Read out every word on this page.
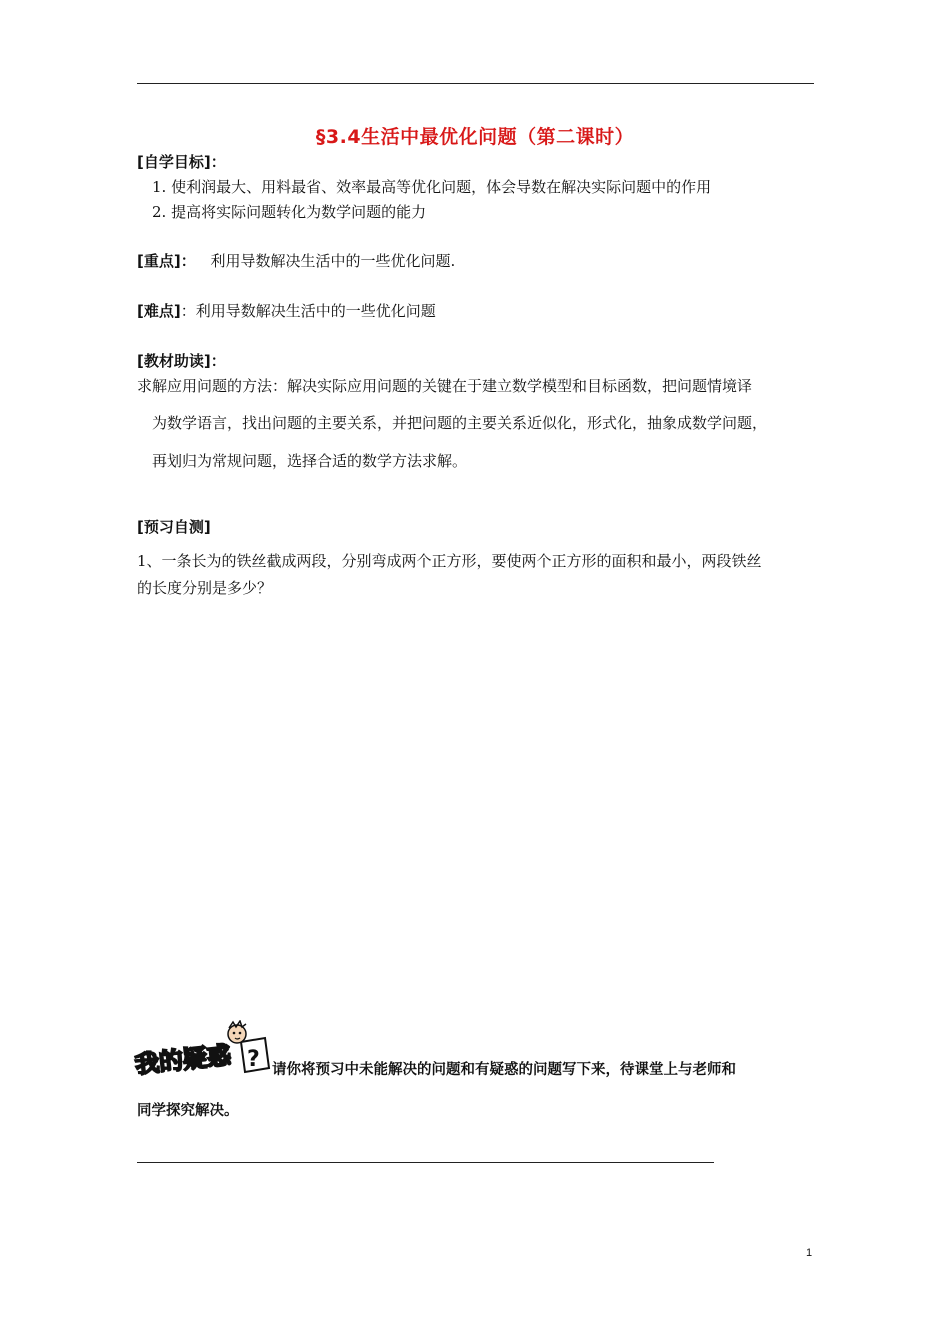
§3.4生活中最优化问题（第二课时）
[自学目标]：
1. 使利润最大、用料最省、效率最高等优化问题，体会导数在解决实际问题中的作用
2. 提高将实际问题转化为数学问题的能力
[重点]： 利用导数解决生活中的一些优化问题.
[难点]：利用导数解决生活中的一些优化问题
[教材助读]：
求解应用问题的方法：解决实际应用问题的关键在于建立数学模型和目标函数，把问题情境译
为数学语言，找出问题的主要关系，并把问题的主要关系近似化，形式化，抽象成数学问题，
再划归为常规问题，选择合适的数学方法求解。
[预习自测]
1、一条长为的铁丝截成两段，分别弯成两个正方形，要使两个正方形的面积和最小，两段铁丝
的长度分别是多少？
?
我的疑惑	请你将预习中未能解决的问题和有疑惑的问题写下来，待课堂上与老师和
同学探究解决。
1
